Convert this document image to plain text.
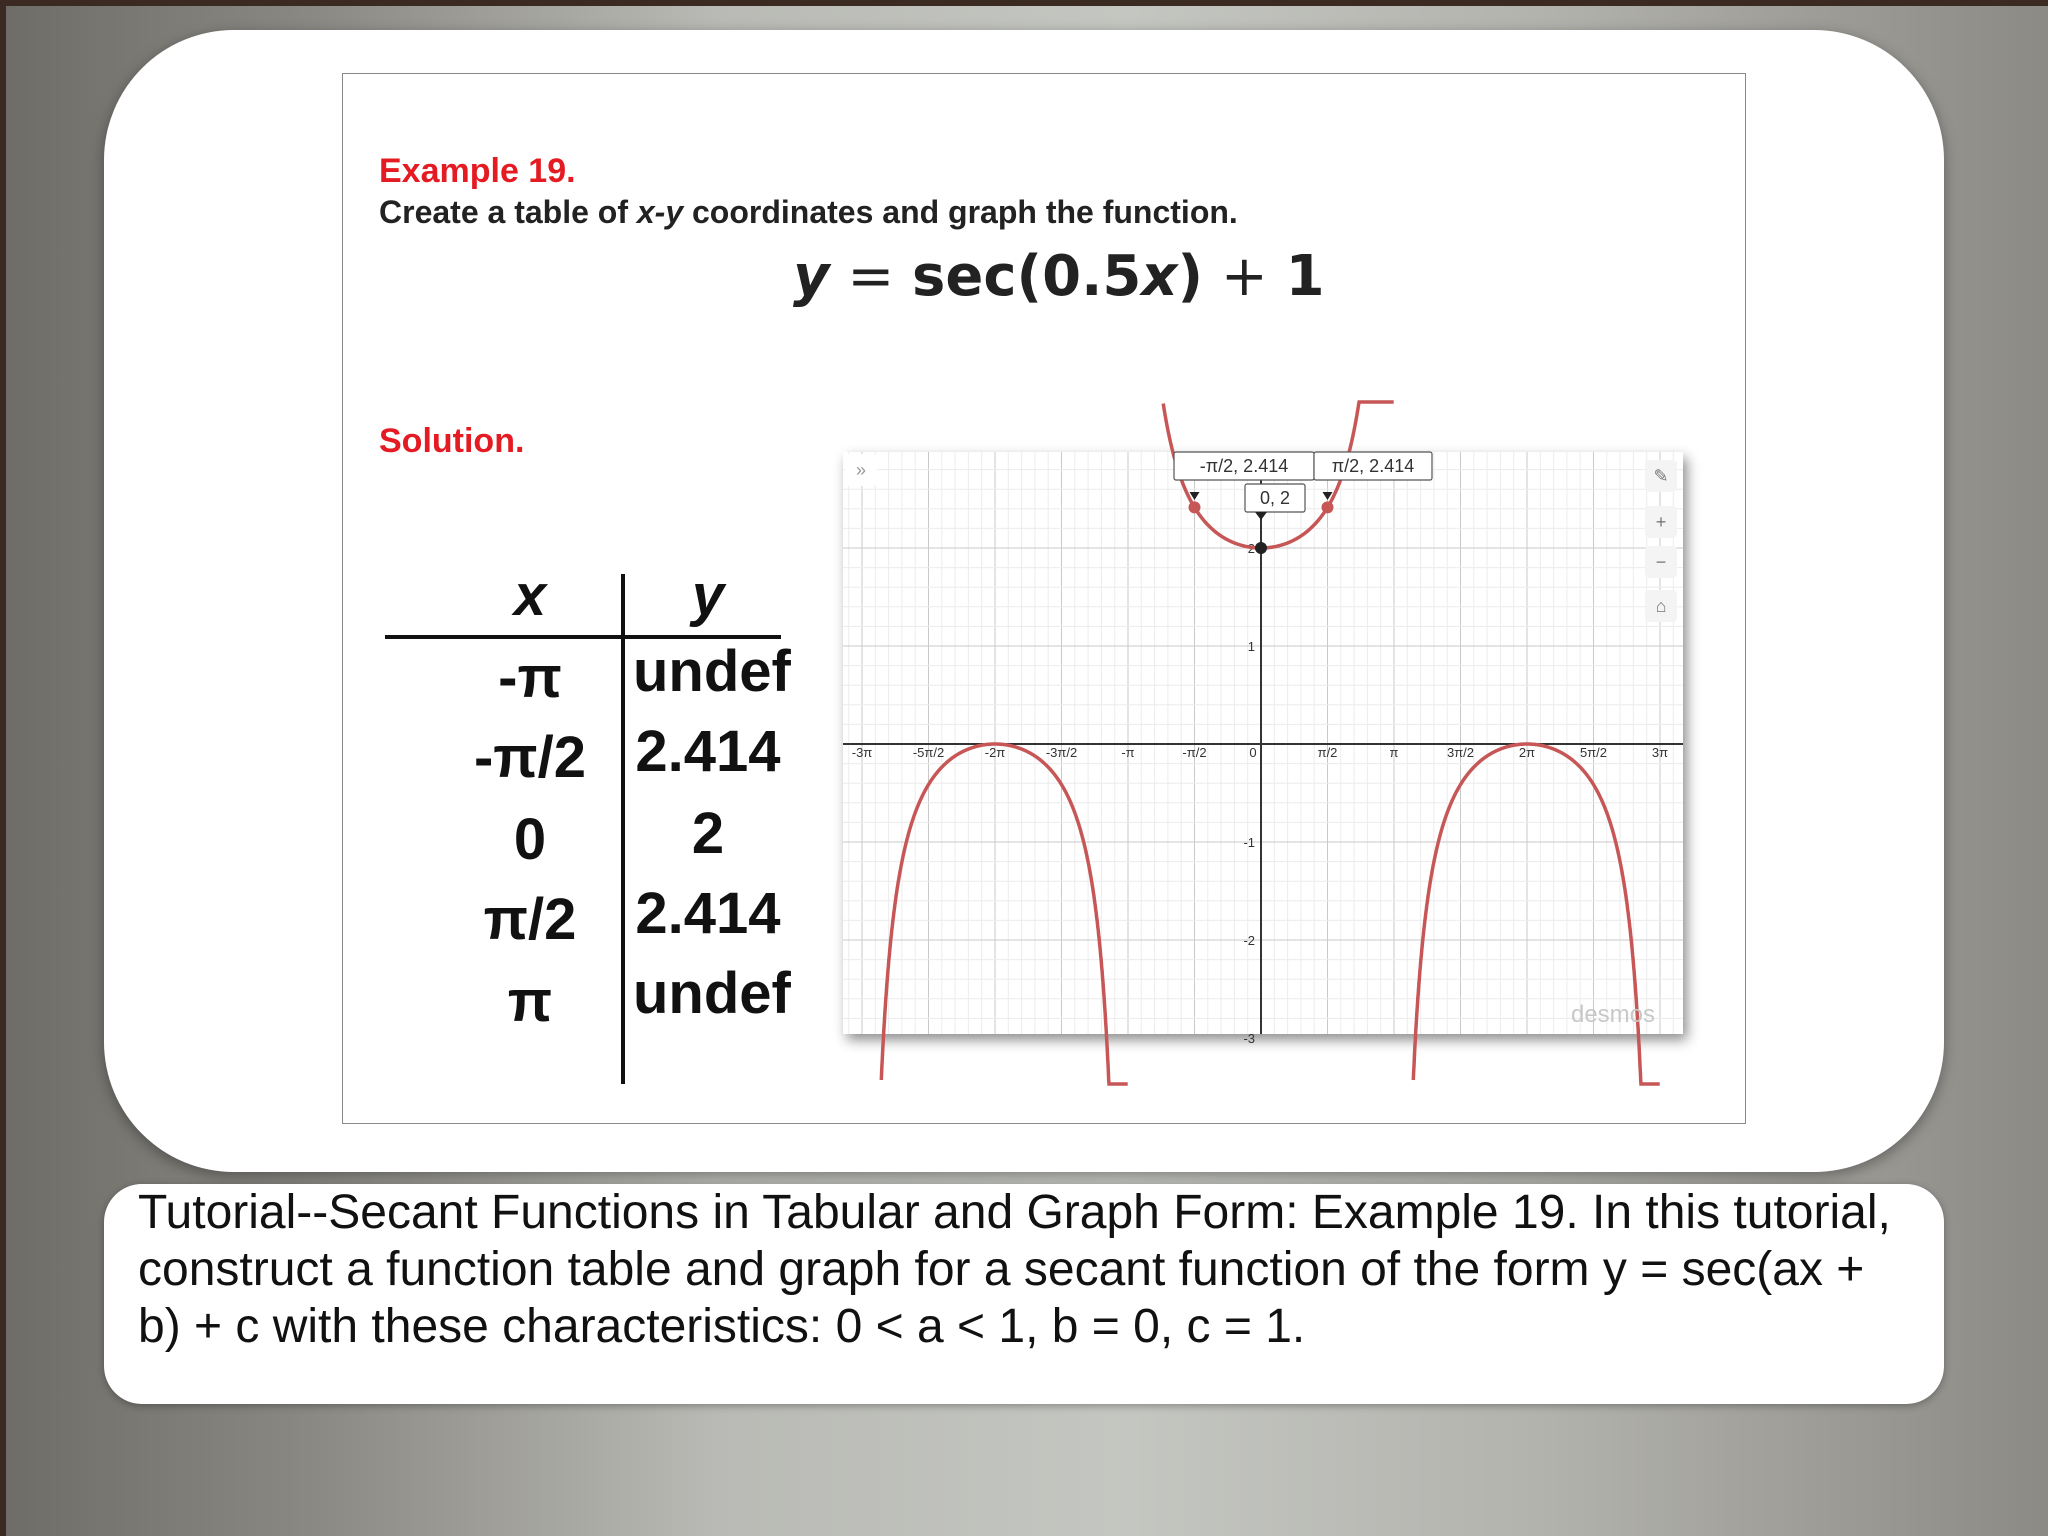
Example 19.
Create a table of x-y coordinates and graph the function.
y = sec(0.5x) + 1
Solution.
x	y
-π	undef
-π/2 2.414
0	2
π/2	2.414
π	undef
-3π	-5π/2	-2π	-3π/2	-π	-π/2	0	π/2	π	3π/2	2π	5π/2	3π
1
-1
-2
-3
2
-π/2, 2.414 π/2, 2.414
0, 2
desmos
»	✎
+
−
⌂

Tutorial--Secant Functions in Tabular and Graph Form: Example 19. In this tutorial, construct a function table and graph for a secant function of the form y = sec(ax + b) + c with these characteristics: 0 < a < 1, b = 0, c = 1.
